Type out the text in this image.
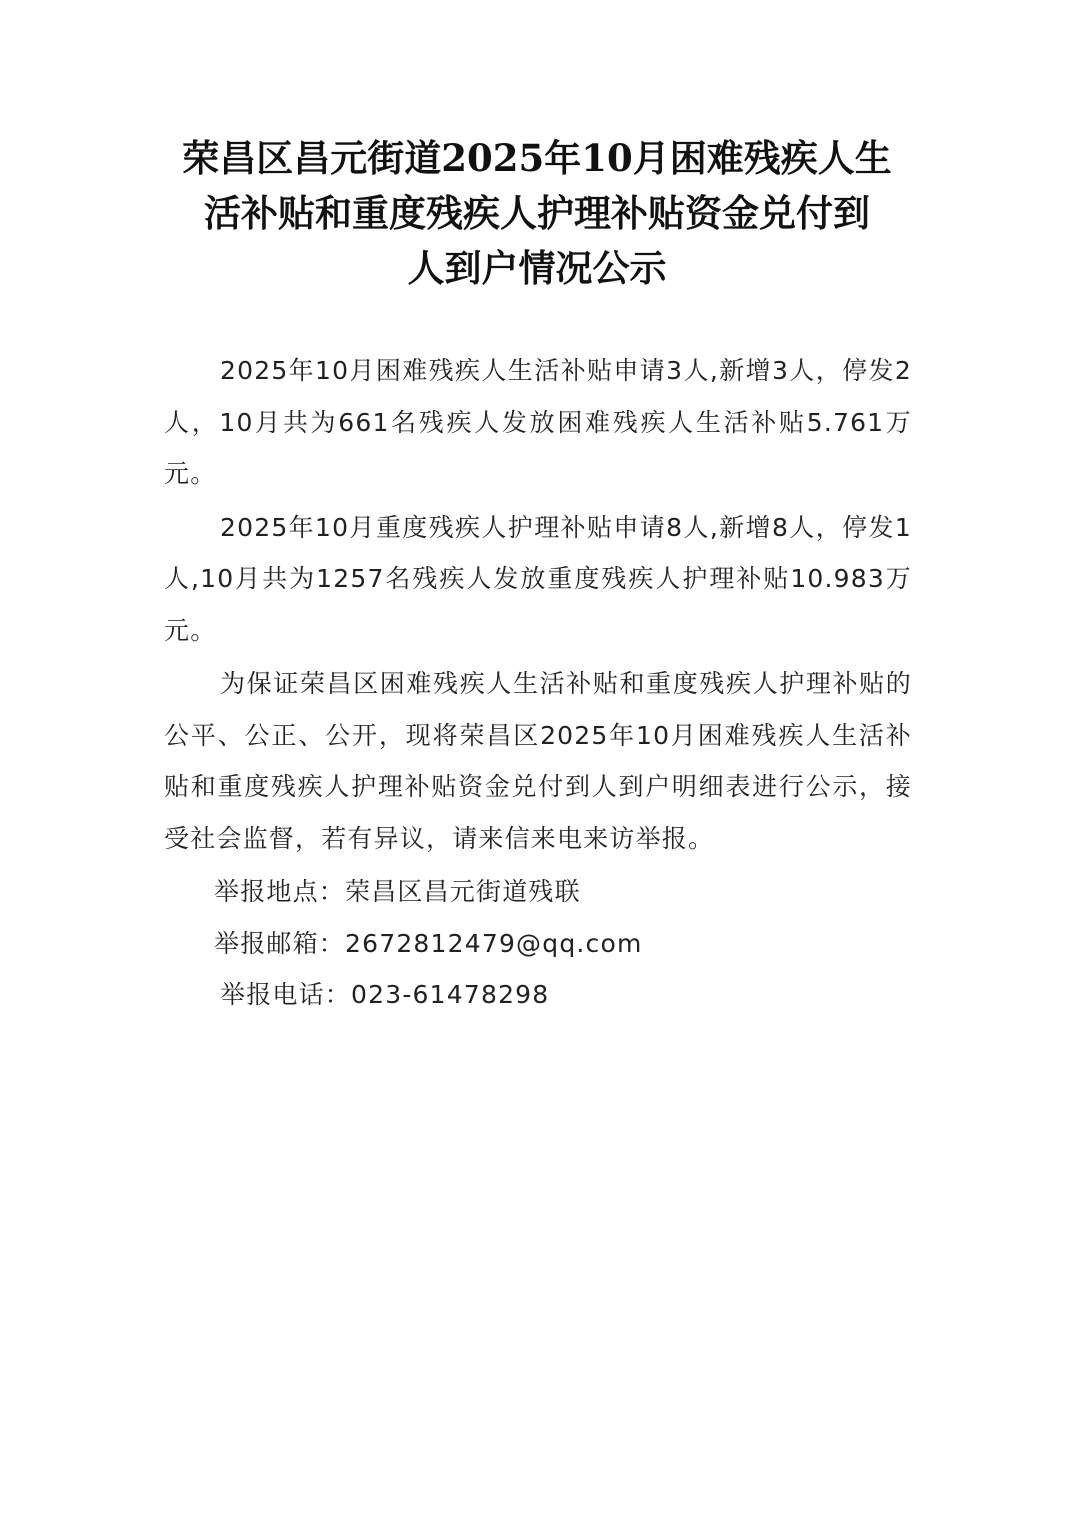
荣昌区昌元街道2025年10月困难残疾人生
活补贴和重度残疾人护理补贴资金兑付到
人到户情况公示

2025年10月困难残疾人生活补贴申请3人,新增3人，停发2人，10月共为661名残疾人发放困难残疾人生活补贴5.761万元。

2025年10月重度残疾人护理补贴申请8人,新增8人，停发1人,10月共为1257名残疾人发放重度残疾人护理补贴10.983万元。

为保证荣昌区困难残疾人生活补贴和重度残疾人护理补贴的公平、公正、公开，现将荣昌区2025年10月困难残疾人生活补贴和重度残疾人护理补贴资金兑付到人到户明细表进行公示，接受社会监督，若有异议，请来信来电来访举报。

举报地点：荣昌区昌元街道残联

举报邮箱：2672812479@qq.com

举报电话：023-61478298
